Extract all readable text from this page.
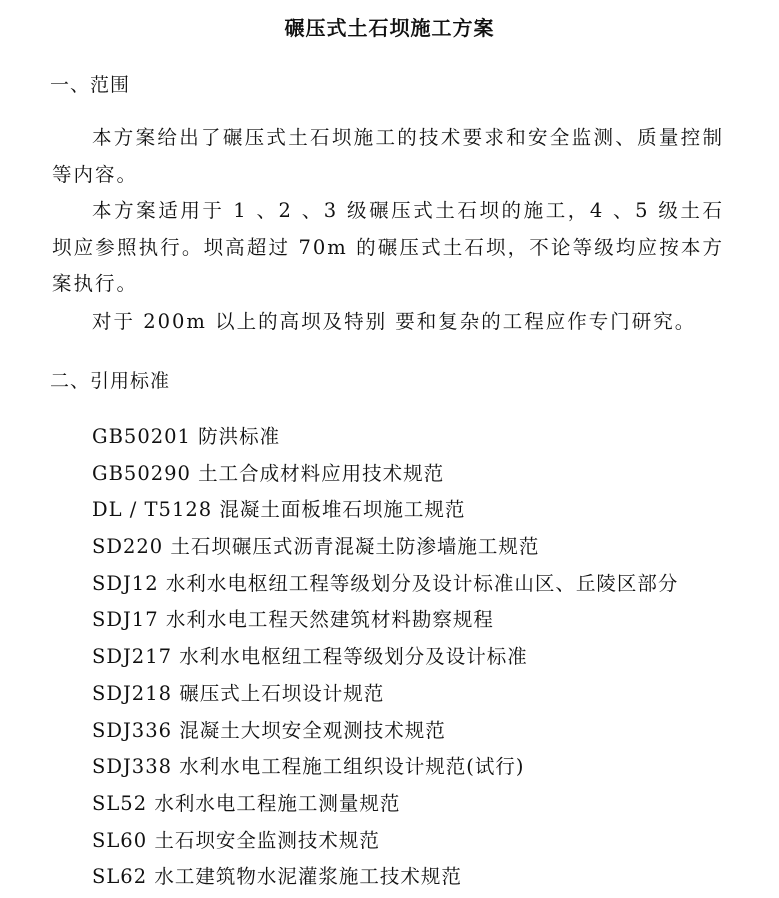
碾压式土石坝施工方案
一、范围
本方案给出了碾压式土石坝施工的技术要求和安全监测、质量控制等内容。
本方案适用于 1 、2 、3 级碾压式土石坝的施工，4 、5 级土石坝应参照执行。坝高超过 70m 的碾压式土石坝，不论等级均应按本方案执行。
对于 200m 以上的高坝及特别 要和复杂的工程应作专门研究。
二、引用标准
GB50201 防洪标准
GB50290 土工合成材料应用技术规范
DL / T5128 混凝土面板堆石坝施工规范
SD220 土石坝碾压式沥青混凝土防渗墙施工规范
SDJ12 水利水电枢纽工程等级划分及设计标准山区、丘陵区部分
SDJ17 水利水电工程天然建筑材料勘察规程
SDJ217 水利水电枢纽工程等级划分及设计标准
SDJ218 碾压式上石坝设计规范
SDJ336 混凝土大坝安全观测技术规范
SDJ338 水利水电工程施工组织设计规范(试行)
SL52 水利水电工程施工测量规范
SL60 土石坝安全监测技术规范
SL62 水工建筑物水泥灌浆施工技术规范
